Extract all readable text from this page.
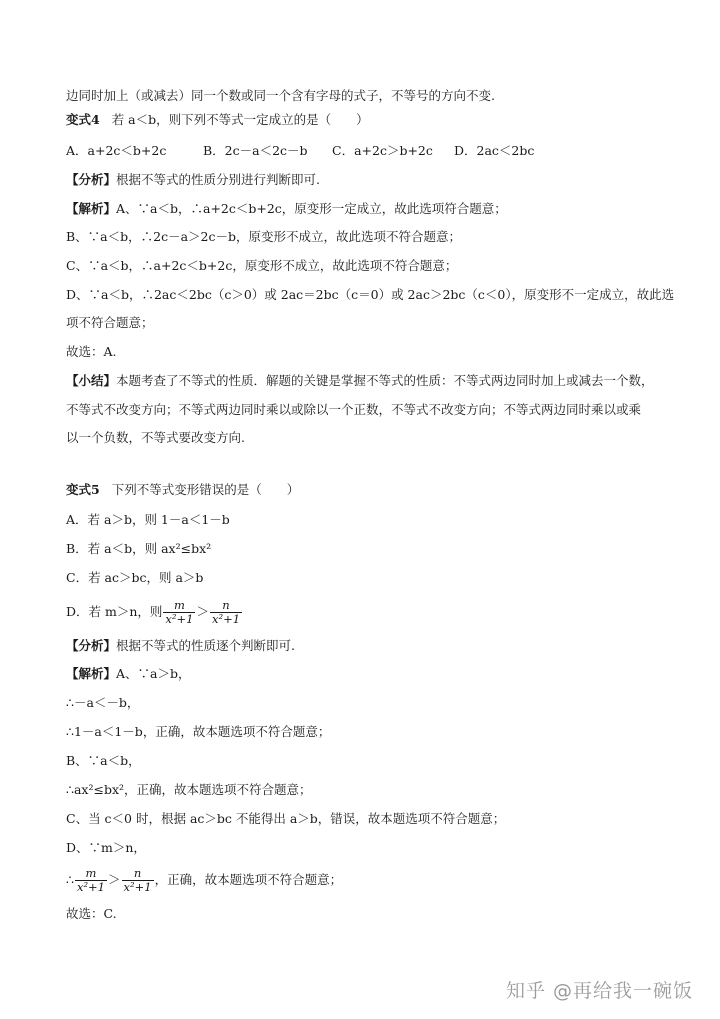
边同时加上（或减去）同一个数或同一个含有字母的式子，不等号的方向不变.
变式4 若 a＜b，则下列不等式一定成立的是（　　）
A．a+2c＜b+2c	B．2c－a＜2c－b C．a+2c＞b+2c D．2ac＜2bc
【分析】根据不等式的性质分别进行判断即可.
【解析】A、∵a＜b，∴a+2c＜b+2c，原变形一定成立，故此选项符合题意；
B、∵a＜b，∴2c－a＞2c－b，原变形不成立，故此选项不符合题意；
C、∵a＜b，∴a+2c＜b+2c，原变形不成立，故此选项不符合题意；
D、∵a＜b，∴2ac＜2bc（c＞0）或 2ac＝2bc（c＝0）或 2ac＞2bc（c＜0），原变形不一定成立，故此选
项不符合题意；
故选：A.
【小结】本题考查了不等式的性质．解题的关键是掌握不等式的性质：不等式两边同时加上或减去一个数，
不等式不改变方向；不等式两边同时乘以或除以一个正数，不等式不改变方向；不等式两边同时乘以或乘
以一个负数，不等式要改变方向.
变式5 下列不等式变形错误的是（　　）
A．若 a＞b，则 1－a＜1－b
B．若 a＜b，则 ax²≤bx²
C．若 ac＞bc，则 a＞b
D．若 m＞n，则 $\frac{m}{\text{x²+1}} > \frac{n}{\text{x²+1}}$
【分析】根据不等式的性质逐个判断即可.
【解析】A、∵a＞b，
∴－a＜－b，
∴1－a＜1－b，正确，故本题选项不符合题意；
B、∵a＜b，
∴ax²≤bx²，正确，故本题选项不符合题意；
C、当 c＜0 时，根据 ac＞bc 不能得出 a＞b，错误，故本题选项不符合题意；
D、∵m＞n，
∴ $\frac{m}{\text{x²+1}} > \frac{n}{\text{x²+1}}$ ，正确，故本题选项不符合题意；
故选：C.
知乎 @再给我一碗饭
